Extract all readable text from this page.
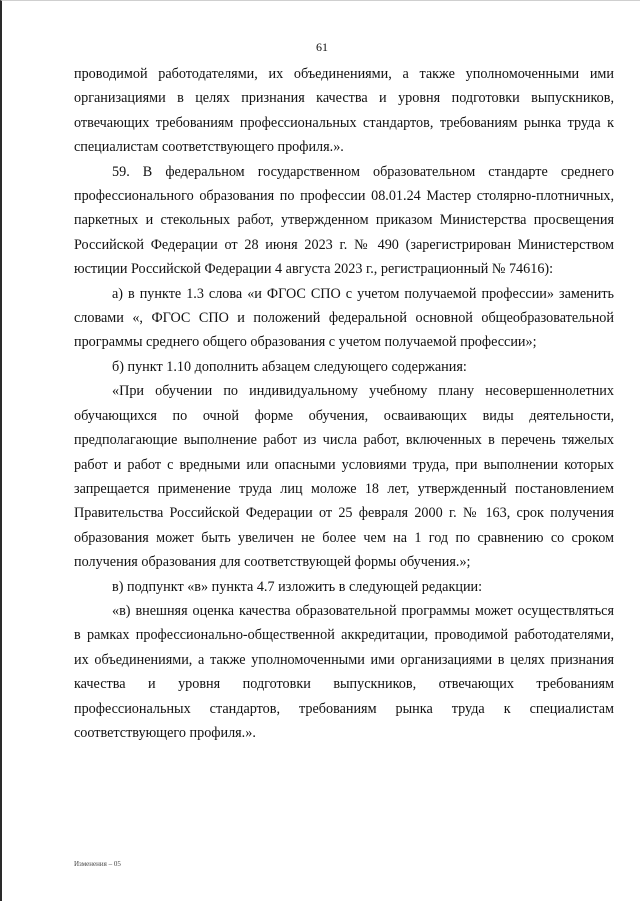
61

проводимой работодателями, их объединениями, а также уполномоченными ими организациями в целях признания качества и уровня подготовки выпускников, отвечающих требованиям профессиональных стандартов, требованиям рынка труда к специалистам соответствующего профиля.».

59. В федеральном государственном образовательном стандарте среднего профессионального образования по профессии 08.01.24 Мастер столярно-плотничных, паркетных и стекольных работ, утвержденном приказом Министерства просвещения Российской Федерации от 28 июня 2023 г. № 490 (зарегистрирован Министерством юстиции Российской Федерации 4 августа 2023 г., регистрационный № 74616):

а) в пункте 1.3 слова «и ФГОС СПО с учетом получаемой профессии» заменить словами «, ФГОС СПО и положений федеральной основной общеобразовательной программы среднего общего образования с учетом получаемой профессии»;

б) пункт 1.10 дополнить абзацем следующего содержания:

«При обучении по индивидуальному учебному плану несовершеннолетних обучающихся по очной форме обучения, осваивающих виды деятельности, предполагающие выполнение работ из числа работ, включенных в перечень тяжелых работ и работ с вредными или опасными условиями труда, при выполнении которых запрещается применение труда лиц моложе 18 лет, утвержденный постановлением Правительства Российской Федерации от 25 февраля 2000 г. № 163, срок получения образования может быть увеличен не более чем на 1 год по сравнению со сроком получения образования для соответствующей формы обучения.»;

в) подпункт «в» пункта 4.7 изложить в следующей редакции:

«в) внешняя оценка качества образовательной программы может осуществляться в рамках профессионально-общественной аккредитации, проводимой работодателями, их объединениями, а также уполномоченными ими организациями в целях признания качества и уровня подготовки выпускников, отвечающих требованиям профессиональных стандартов, требованиям рынка труда к специалистам соответствующего профиля.».

Изменения – 05
